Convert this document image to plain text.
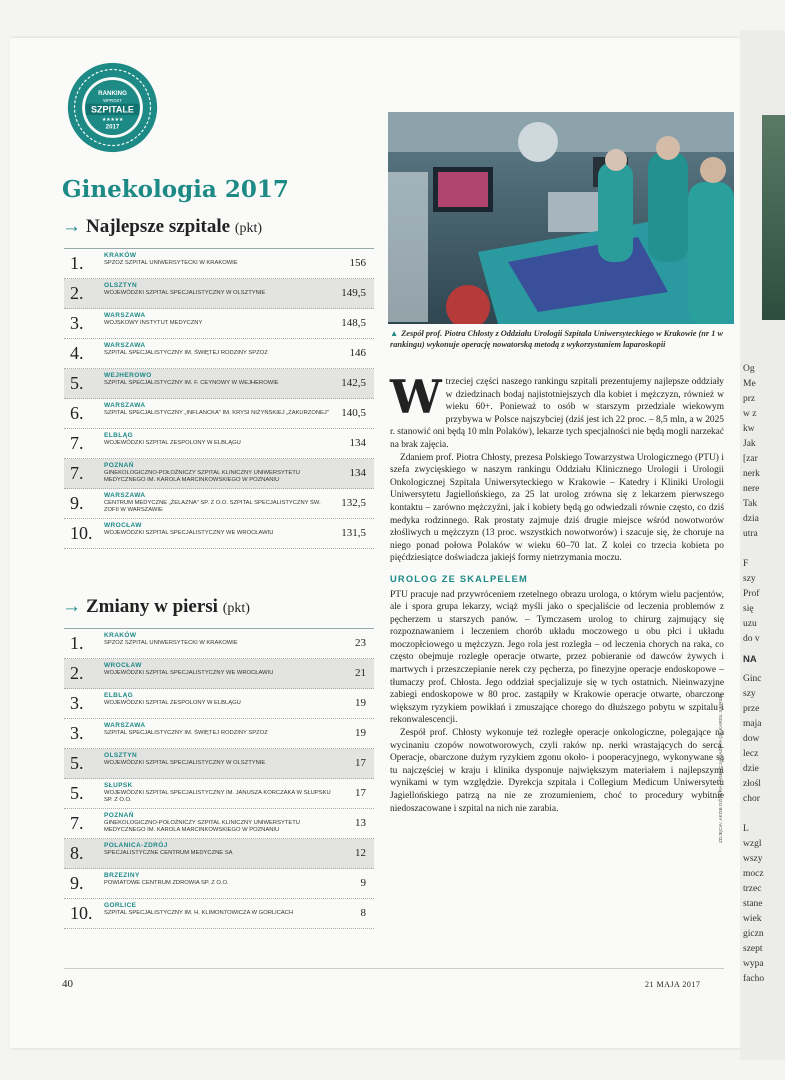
RANKING
WPROST
SZPITALE
★★★★★
2017
Ginekologia 2017
→ Najlepsze szpitale (pkt)
1.	KRAKÓW
SPZOZ SZPITAL UNIWERSYTECKI W KRAKOWIE	156
2.	OLSZTYN
WOJEWÓDZKI SZPITAL SPECJALISTYCZNY W OLSZTYNIE	149,5
3.	WARSZAWA
WOJSKOWY INSTYTUT MEDYCZNY	148,5
4.	WARSZAWA
SZPITAL SPECJALISTYCZNY IM. ŚWIĘTEJ RODZINY SPZOZ	146
5.	WEJHEROWO
SZPITAL SPECJALISTYCZNY IM. F. CEYNOWY W WEJHEROWIE	142,5
6.	WARSZAWA
SZPITAL SPECJALISTYCZNY „INFLANCKA" IM. KRYSI NIŻYŃSKIEJ „ZAKURZONEJ" 140,5
7.	ELBLĄG
WOJEWÓDZKI SZPITAL ZESPOLONY W ELBLĄGU	134
7.	POZNAŃ
GINEKOLOGICZNO-POŁOŻNICZY SZPITAL KLINICZNY UNIWERSYTETU MEDYCZNEGO IM. KAROLA MARCINKOWSKIEGO W POZNANIU
134
9.	WARSZAWA
CENTRUM MEDYCZNE „ŻELAZNA" SP. Z O.O. SZPITAL SPECJALISTYCZNY ŚW. ZOFII W WARSZAWIE
132,5
10. WROCŁAW
WOJEWÓDZKI SZPITAL SPECJALISTYCZNY WE WROCŁAWIU	131,5
→ Zmiany w piersi (pkt)
1.	KRAKÓW
SPZOZ SZPITAL UNIWERSYTECKI W KRAKOWIE	23
2.	WROCŁAW
WOJEWÓDZKI SZPITAL SPECJALISTYCZNY WE WROCŁAWIU	21
3.	ELBLĄG
WOJEWÓDZKI SZPITAL ZESPOLONY W ELBLĄGU	19
3.	WARSZAWA
SZPITAL SPECJALISTYCZNY IM. ŚWIĘTEJ RODZINY SPZOZ	19
5.	OLSZTYN
WOJEWÓDZKI SZPITAL SPECJALISTYCZNY W OLSZTYNIE	17
5.	SŁUPSK
WOJEWÓDZKI SZPITAL SPECJALISTYCZNY IM. JANUSZA KORCZAKA W SŁUPSKU SP. Z O.O.
17
7.	POZNAŃ
GINEKOLOGICZNO-POŁOŻNICZY SZPITAL KLINICZNY UNIWERSYTETU MEDYCZNEGO IM. KAROLA MARCINKOWSKIEGO W POZNANIU
13
8.	POLANICA-ZDRÓJ
SPECJALISTYCZNE CENTRUM MEDYCZNE SA	12
9.	BRZEZINY
POWIATOWE CENTRUM ZDROWIA SP. Z O.O.	9
10. GORLICE
SZPITAL SPECJALISTYCZNY IM. H. KLIMONTOWICZA W GORLICACH	8
▲ Zespół prof. Piotra Chłosty z Oddziału Urologii Szpitala Uniwersyteckiego w Krakowie (nr 1 w rankingu) wykonuje operację nowatorską metodą z wykorzystaniem laparoskopii

Wtrzeciej części naszego rankingu szpitali prezentujemy najlepsze oddziały w dziedzinach bodaj najistotniejszych dla kobiet i mężczyzn, również w wieku 60+. Ponieważ to osób w starszym przedziale wiekowym przybywa w Polsce najszybciej (dziś jest ich 22 proc. – 8,5 mln, a w 2025 r. stanowić oni będą 10 mln Polaków), lekarze tych specjalności nie będą mogli narzekać na brak zajęcia.

Zdaniem prof. Piotra Chłosty, prezesa Polskiego Towarzystwa Urologicznego (PTU) i szefa zwycięskiego w naszym rankingu Oddziału Klinicznego Urologii i Urologii Onkologicznej Szpitala Uniwersyteckiego w Krakowie – Katedry i Kliniki Urologii Uniwersytetu Jagiellońskiego, za 25 lat urolog zrówna się z lekarzem pierwszego kontaktu – zarówno mężczyźni, jak i kobiety będą go odwiedzali równie często, co dziś medyka rodzinnego. Rak prostaty zajmuje dziś drugie miejsce wśród nowotworów złośliwych u mężczyzn (13 proc. wszystkich nowotworów) i szacuje się, że choruje na niego ponad połowa Polaków w wieku 60–70 lat. Z kolei co trzecia kobieta po pięćdziesiątce doświadcza jakiejś formy nietrzymania moczu.

UROLOG ZE SKALPELEM

PTU pracuje nad przywróceniem rzetelnego obrazu urologa, o którym wielu pacjentów, ale i spora grupa lekarzy, wciąż myśli jako o specjaliście od leczenia problemów z pęcherzem u starszych panów. – Tymczasem urolog to chirurg zajmujący się rozpoznawaniem i leczeniem chorób układu moczowego u obu płci i układu moczopłciowego u mężczyzn. Jego rola jest rozległa – od leczenia chorych na raka, co często obejmuje rozległe operacje otwarte, przez pobieranie od dawców żywych i martwych i przeszczepianie nerek czy pęcherza, po finezyjne operacje endoskopowe – tłumaczy prof. Chłosta. Jego oddział specjalizuje się w tych ostatnich. Nieinwazyjne zabiegi endoskopowe w 80 proc. zastąpiły w Krakowie operacje otwarte, obarczone większym ryzykiem powikłań i zmuszające chorego do dłuższego pobytu w szpitalu i rekonwalescencji.

Zespół prof. Chłosty wykonuje też rozległe operacje onkologiczne, polegające na wycinaniu czopów nowotworowych, czyli raków np. nerki wrastających do serca. Operacje, obarczone dużym ryzykiem zgonu około- i pooperacyjnego, wykonywane są tu najczęściej w kraju i klinika dysponuje największym materiałem i najlepszymi wynikami w tym względzie. Dyrekcja szpitala i Collegium Medicum Uniwersytetu Jagiellońskiego patrzą na nie ze zrozumieniem, choć to procedury wybitnie niedoszacowane i szpital na nich nie zarabia.	ZDJĘCIA: AKOB GÓTERA / AGENCJA GAZETA (2), KAROL SIERSKI
40	21 MAJA 2017
Og
Me
prz
w z
kw
Jak
[zar
nerk
nere
Tak
dzia
utra
F
szy
Prof
się
uzu
do v
NA
Ginc
szy
prze
maja
dow
lecz
dzie
złośl
chor
L
wzgl
wszy
mocz
trzec
stane
wiek
giczn
szept
wypa
facho
